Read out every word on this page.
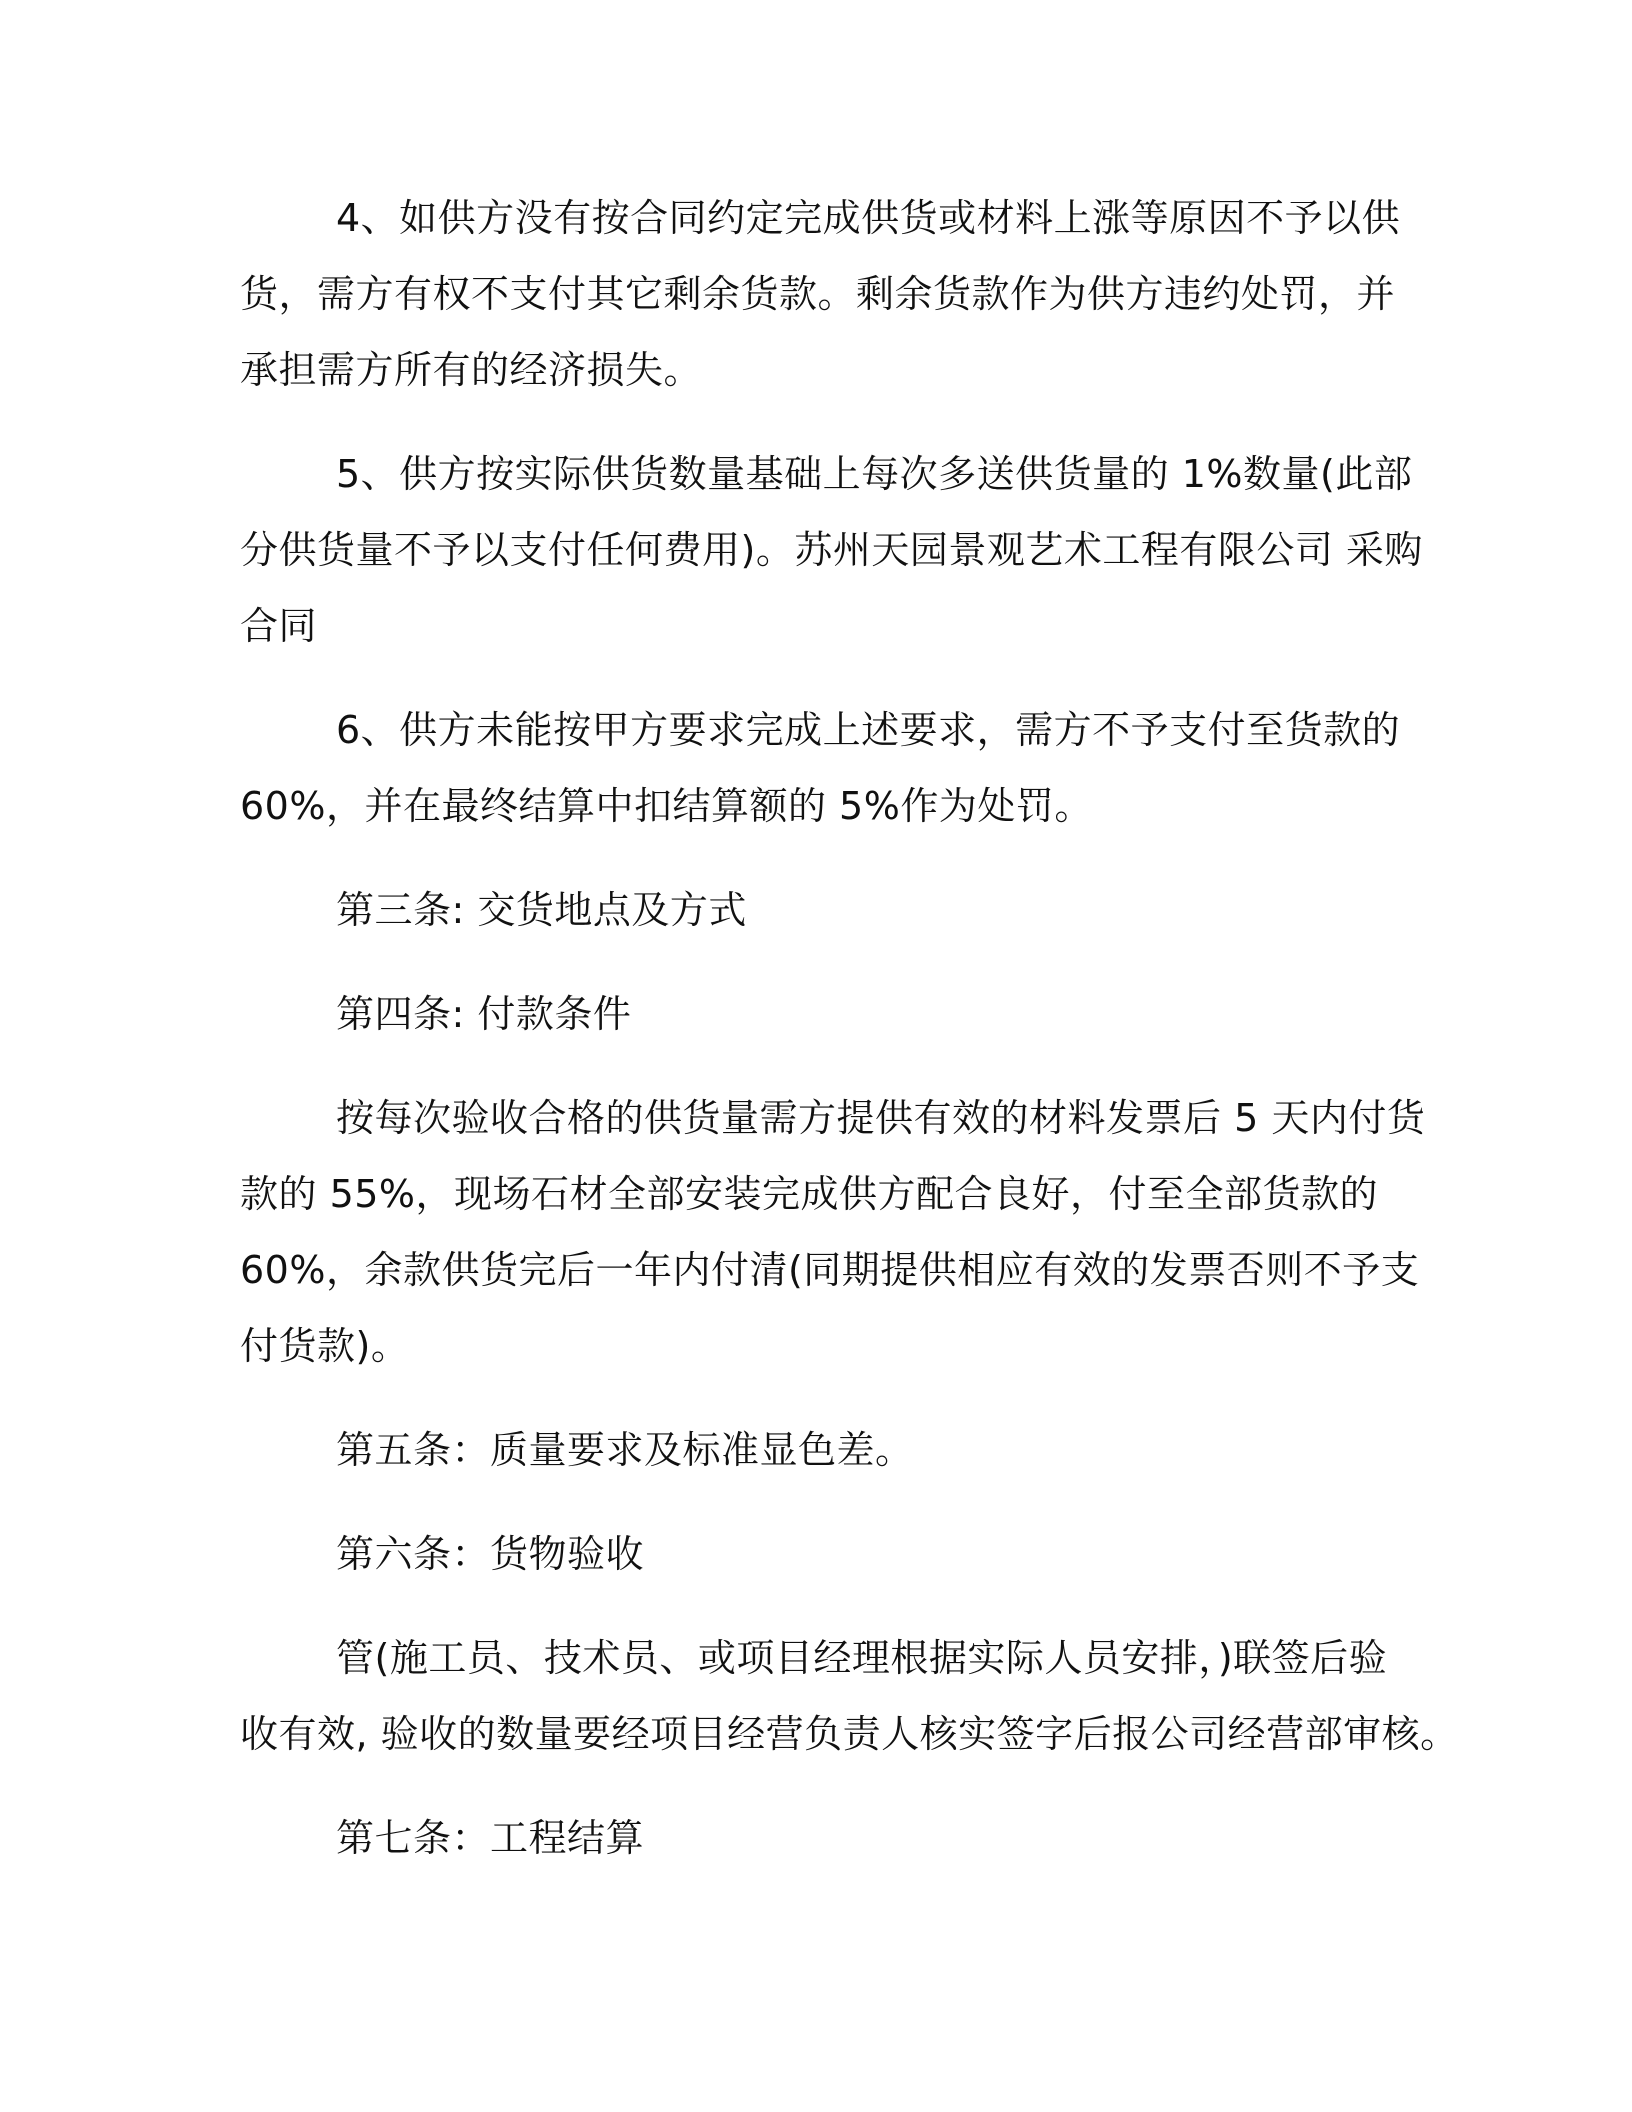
4、如供方没有按合同约定完成供货或材料上涨等原因不予以供
货，需方有权不支付其它剩余货款。剩余货款作为供方违约处罚，并
承担需方所有的经济损失。
5、供方按实际供货数量基础上每次多送供货量的 1%数量(此部
分供货量不予以支付任何费用)。苏州天园景观艺术工程有限公司 采购
合同
6、供方未能按甲方要求完成上述要求，需方不予支付至货款的
60%，并在最终结算中扣结算额的 5%作为处罚。
第三条: 交货地点及方式
第四条: 付款条件
按每次验收合格的供货量需方提供有效的材料发票后 5 天内付货
款的 55%，现场石材全部安装完成供方配合良好，付至全部货款的
60%，余款供货完后一年内付清(同期提供相应有效的发票否则不予支
付货款)。
第五条：质量要求及标准显色差。
第六条：货物验收
管(施工员、技术员、或项目经理根据实际人员安排，)联签后验
收有效, 验收的数量要经项目经营负责人核实签字后报公司经营部审核。
第七条：工程结算
